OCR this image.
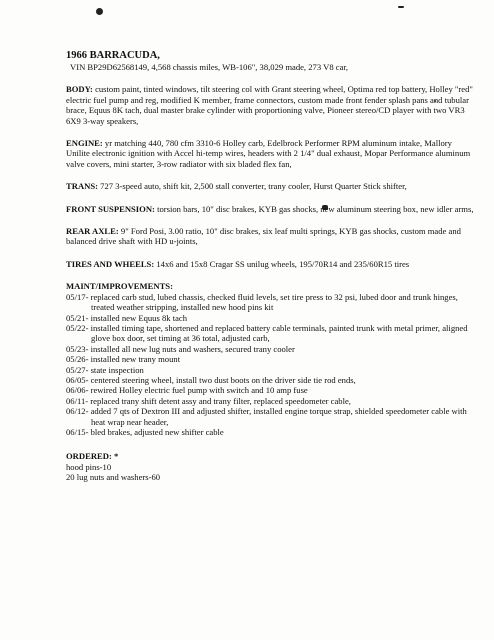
1966 BARRACUDA,
VIN BP29D62568149, 4,568 chassis miles, WB-106", 38,029 made, 273 V8 car,

BODY: custom paint, tinted windows, tilt steering col with Grant steering wheel, Optima red top battery, Holley "red" electric fuel pump and reg, modified K member, frame connectors, custom made front fender splash pans and tubular brace, Equus 8K tach, dual master brake cylinder with proportioning valve, Pioneer stereo/CD player with two VR3 6X9 3-way speakers,

ENGINE: yr matching 440, 780 cfm 3310-6 Holley carb, Edelbrock Performer RPM aluminum intake, Mallory Unilite electronic ignition with Accel hi-temp wires, headers with 2 1/4" dual exhaust, Mopar Performance aluminum valve covers, mini starter, 3-row radiator with six bladed flex fan,

TRANS: 727 3-speed auto, shift kit, 2,500 stall converter, trany cooler, Hurst Quarter Stick shifter,

FRONT SUSPENSION: torsion bars, 10" disc brakes, KYB gas shocks, new aluminum steering box, new idler arms,

REAR AXLE: 9" Ford Posi, 3.00 ratio, 10" disc brakes, six leaf multi springs, KYB gas shocks, custom made and balanced drive shaft with HD u-joints,

TIRES AND WHEELS: 14x6 and 15x8 Cragar SS unilug wheels, 195/70R14 and 235/60R15 tires

MAINT/IMPROVEMENTS:

05/17- replaced carb stud, lubed chassis, checked fluid levels, set tire press to 32 psi, lubed door and trunk hinges, treated weather stripping, installed new hood pins kit

05/21- installed new Equus 8k tach

05/22- installed timing tape, shortened and replaced battery cable terminals, painted trunk with metal primer, aligned glove box door, set timing at 36 total, adjusted carb,

05/23- installed all new lug nuts and washers, secured trany cooler

05/26- installed new trany mount

05/27- state inspection

06/05- centered steering wheel, install two dust boots on the driver side tie rod ends,

06/06- rewired Holley electric fuel pump with switch and 10 amp fuse

06/11- replaced trany shift detent assy and trany filter, replaced speedometer cable,

06/12- added 7 qts of Dextron III and adjusted shifter, installed engine torque strap, shielded speedometer cable with heat wrap near header,

06/15- bled brakes, adjusted new shifter cable

ORDERED: *

hood pins-10

20 lug nuts and washers-60
